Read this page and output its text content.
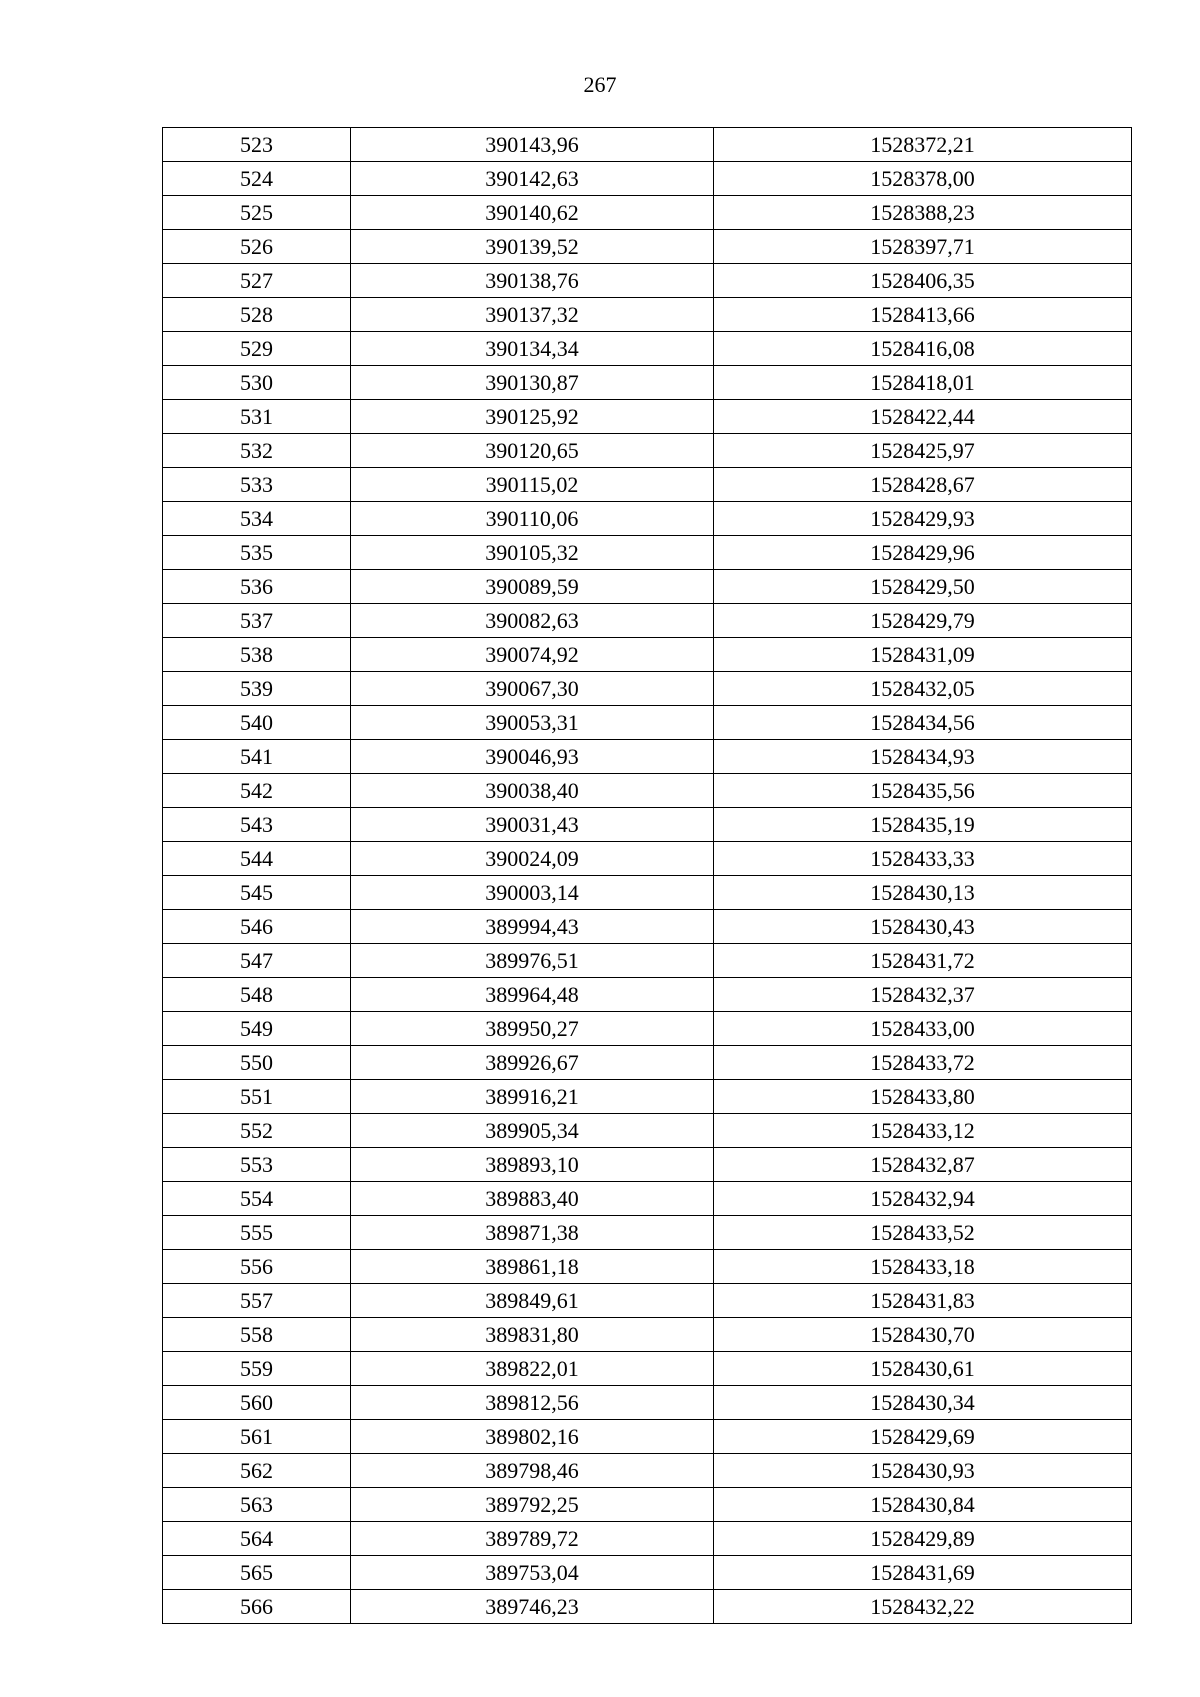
267
523	390143,96	1528372,21
524	390142,63	1528378,00
525	390140,62	1528388,23
526	390139,52	1528397,71
527	390138,76	1528406,35
528	390137,32	1528413,66
529	390134,34	1528416,08
530	390130,87	1528418,01
531	390125,92	1528422,44
532	390120,65	1528425,97
533	390115,02	1528428,67
534	390110,06	1528429,93
535	390105,32	1528429,96
536	390089,59	1528429,50
537	390082,63	1528429,79
538	390074,92	1528431,09
539	390067,30	1528432,05
540	390053,31	1528434,56
541	390046,93	1528434,93
542	390038,40	1528435,56
543	390031,43	1528435,19
544	390024,09	1528433,33
545	390003,14	1528430,13
546	389994,43	1528430,43
547	389976,51	1528431,72
548	389964,48	1528432,37
549	389950,27	1528433,00
550	389926,67	1528433,72
551	389916,21	1528433,80
552	389905,34	1528433,12
553	389893,10	1528432,87
554	389883,40	1528432,94
555	389871,38	1528433,52
556	389861,18	1528433,18
557	389849,61	1528431,83
558	389831,80	1528430,70
559	389822,01	1528430,61
560	389812,56	1528430,34
561	389802,16	1528429,69
562	389798,46	1528430,93
563	389792,25	1528430,84
564	389789,72	1528429,89
565	389753,04	1528431,69
566	389746,23	1528432,22
